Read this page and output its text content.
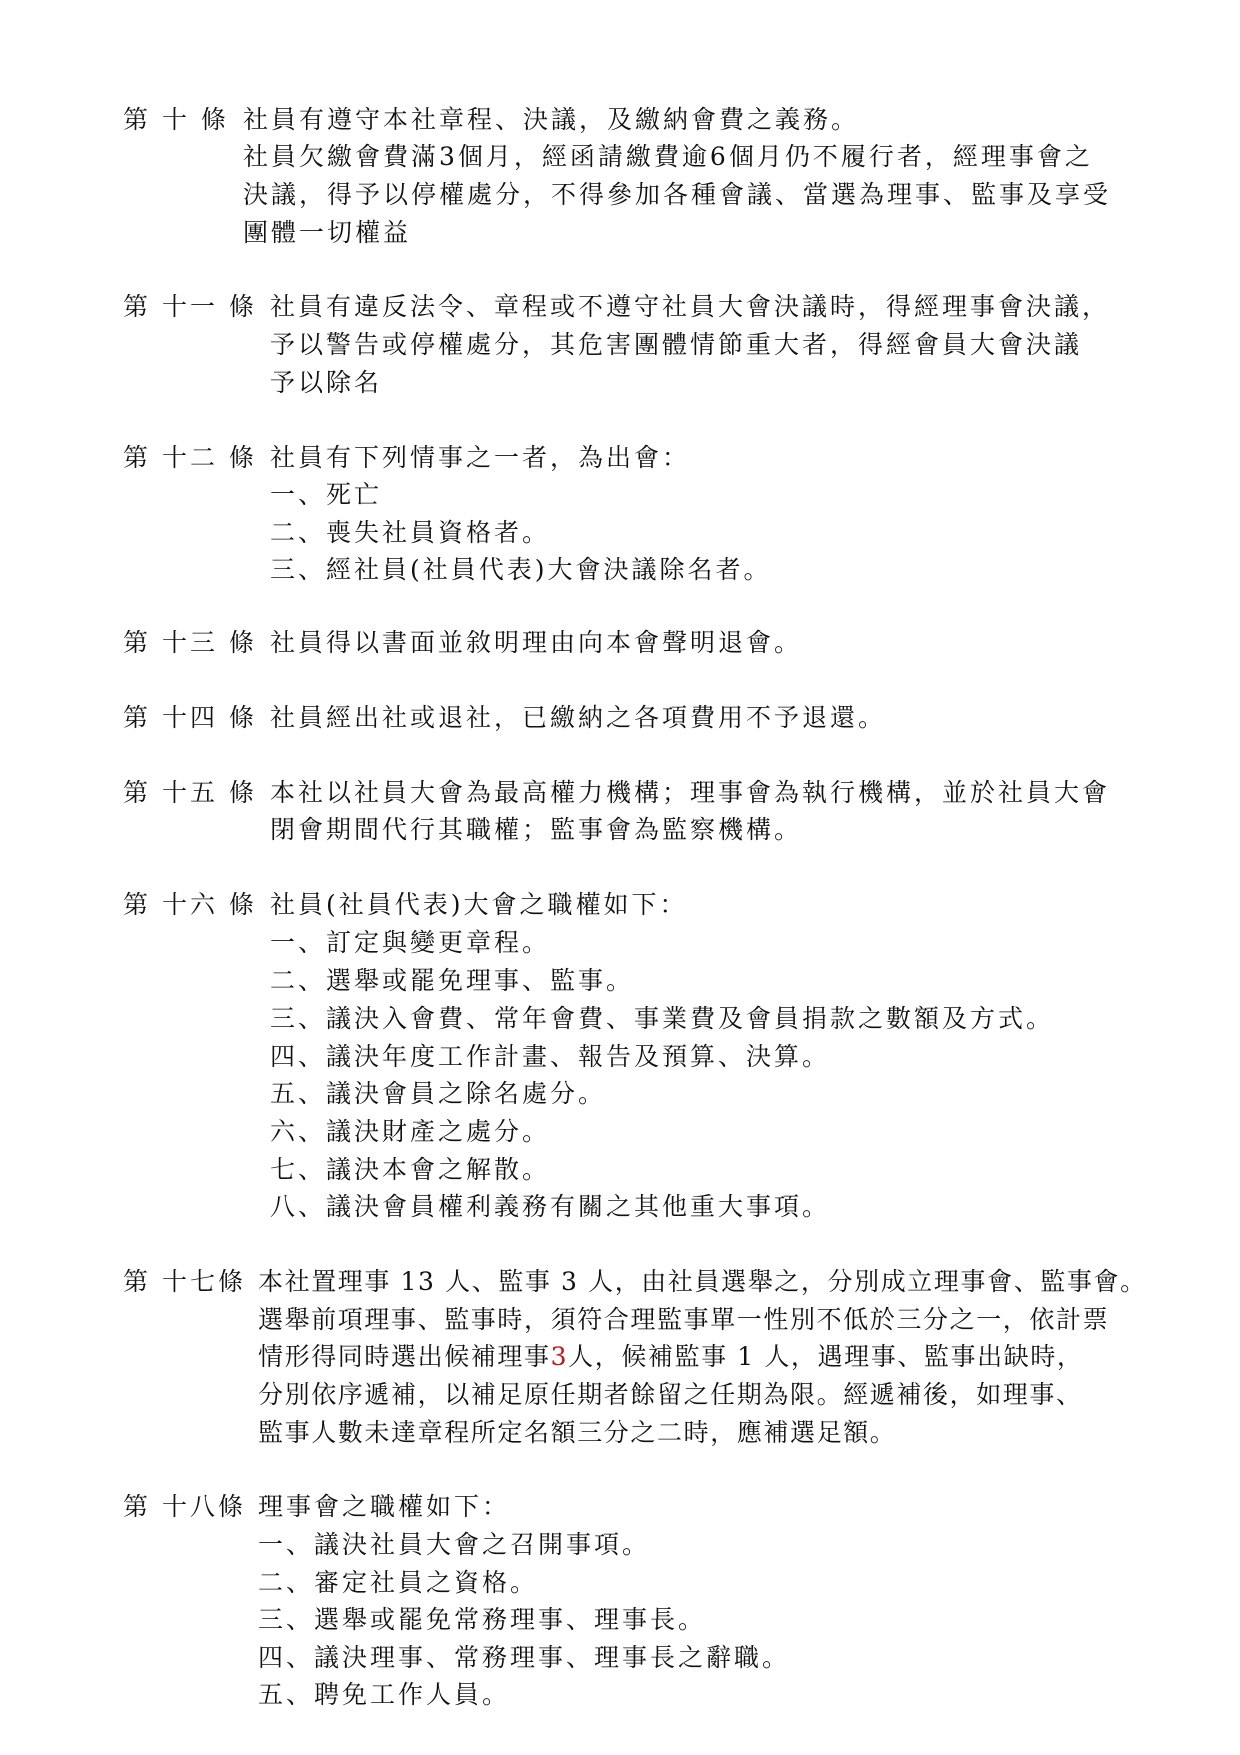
第 十 條 社員有遵守本社章程、決議，及繳納會費之義務。
社員欠繳會費滿3個月，經函請繳費逾6個月仍不履行者，經理事會之
決議，得予以停權處分，不得參加各種會議、當選為理事、監事及享受
團體一切權益
第 十一 條 社員有違反法令、章程或不遵守社員大會決議時，得經理事會決議，
予以警告或停權處分，其危害團體情節重大者，得經會員大會決議
予以除名
第 十二 條 社員有下列情事之一者，為出會：
一、死亡
二、喪失社員資格者。
三、經社員(社員代表)大會決議除名者。
第 十三 條 社員得以書面並敘明理由向本會聲明退會。
第 十四 條 社員經出社或退社，已繳納之各項費用不予退還。
第 十五 條 本社以社員大會為最高權力機構；理事會為執行機構，並於社員大會
閉會期間代行其職權；監事會為監察機構。
第 十六 條 社員(社員代表)大會之職權如下：
一、訂定與變更章程。
二、選舉或罷免理事、監事。
三、議決入會費、常年會費、事業費及會員捐款之數額及方式。
四、議決年度工作計畫、報告及預算、決算。
五、議決會員之除名處分。
六、議決財產之處分。
七、議決本會之解散。
八、議決會員權利義務有關之其他重大事項。
第 十七條 本社置理事 13 人、監事 3 人，由社員選舉之，分別成立理事會、監事會。
選舉前項理事、監事時，須符合理監事單一性別不低於三分之一，依計票
情形得同時選出候補理事3人，候補監事 1 人，遇理事、監事出缺時，
分別依序遞補，以補足原任期者餘留之任期為限。經遞補後，如理事、
監事人數未達章程所定名額三分之二時，應補選足額。
第 十八條 理事會之職權如下：
一、議決社員大會之召開事項。
二、審定社員之資格。
三、選舉或罷免常務理事、理事長。
四、議決理事、常務理事、理事長之辭職。
五、聘免工作人員。
